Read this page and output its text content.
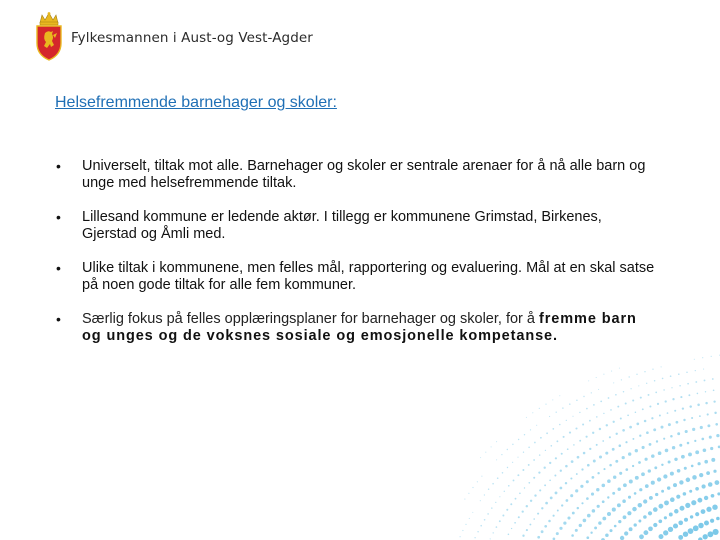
Fylkesmannen i Aust-og Vest-Agder
Helsefremmende barnehager og skoler:
•	Universelt, tiltak mot alle. Barnehager og skoler er sentrale arenaer for å nå alle barn og unge med helsefremmende tiltak.
•	Lillesand kommune er ledende aktør. I tillegg er kommunene Grimstad, Birkenes, Gjerstad og Åmli med.
•	Ulike tiltak i kommunene, men felles mål, rapportering og evaluering. Mål at en skal satse på noen gode tiltak for alle fem kommuner.
•	Særlig fokus på felles opplæringsplaner for barnehager og skoler, for å fremme barn og unges og de voksnes sosiale og emosjonelle kompetanse.
